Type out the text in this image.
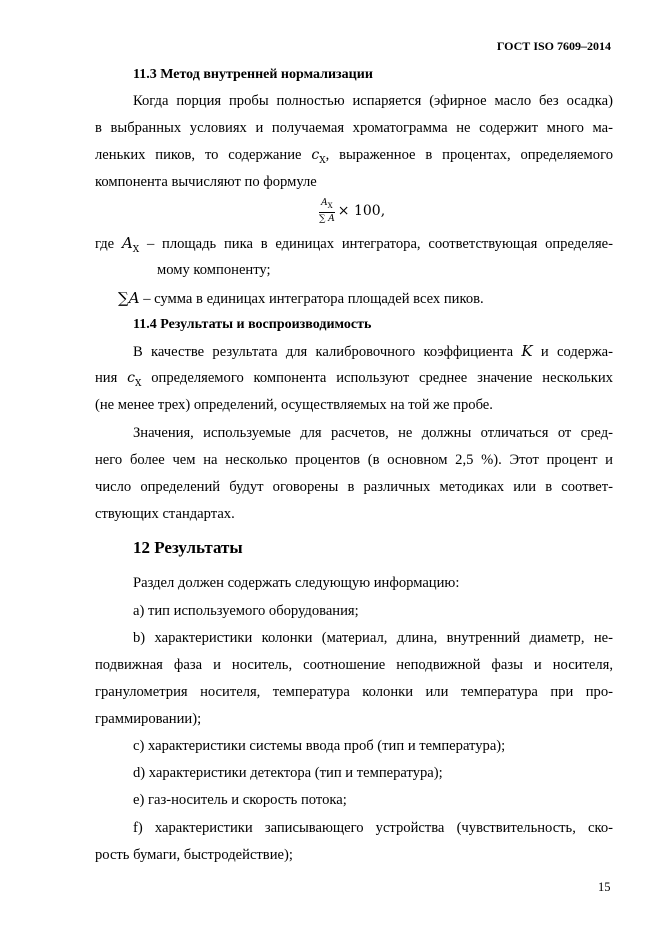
ГОСТ ISO 7609–2014
11.3 Метод внутренней нормализации
Когда порция пробы полностью испаряется (эфирное масло без осадка)
в выбранных условиях и получаемая хроматограмма не содержит много ма-
леньких пиков, то содержание $c_X$, выраженное в процентах, определяемого
компонента вычисляют по формуле
$\frac{A_X}{\sum A} \times 100$,
где $A_X$ – площадь пика в единицах интегратора, соответствующая определяе-
мому компоненту;
∑A – сумма в единицах интегратора площадей всех пиков.
11.4 Результаты и воспроизводимость
В качестве результата для калибровочного коэффициента K и содержа-
ния $c_X$ определяемого компонента используют среднее значение нескольких
(не менее трех) определений, осуществляемых на той же пробе.
Значения, используемые для расчетов, не должны отличаться от сред-
него более чем на несколько процентов (в основном 2,5 %). Этот процент и
число определений будут оговорены в различных методиках или в соответ-
ствующих стандартах.
12 Результаты
Раздел должен содержать следующую информацию:
a) тип используемого оборудования;
b) характеристики колонки (материал, длина, внутренний диаметр, не-
подвижная фаза и носитель, соотношение неподвижной фазы и носителя,
гранулометрия носителя, температура колонки или температура при про-
граммировании);
c) характеристики системы ввода проб (тип и температура);
d) характеристики детектора (тип и температура);
e) газ-носитель и скорость потока;
f) характеристики записывающего устройства (чувствительность, ско-
рость бумаги, быстродействие);
15
